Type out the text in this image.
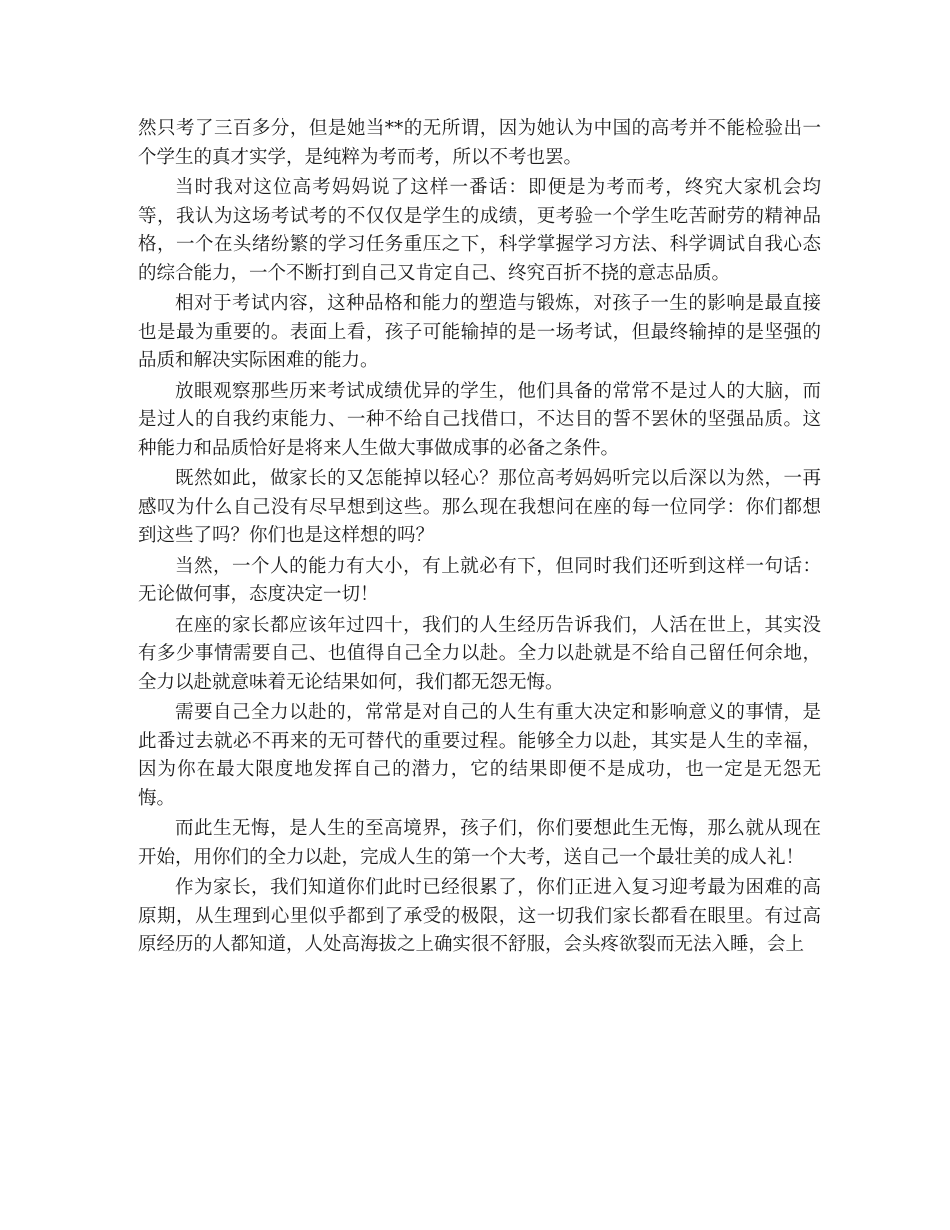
然只考了三百多分，但是她当**的无所谓，因为她认为中国的高考并不能检验出一个学生的真才实学，是纯粹为考而考，所以不考也罢。

当时我对这位高考妈妈说了这样一番话：即便是为考而考，终究大家机会均等，我认为这场考试考的不仅仅是学生的成绩，更考验一个学生吃苦耐劳的精神品格，一个在头绪纷繁的学习任务重压之下，科学掌握学习方法、科学调试自我心态的综合能力，一个不断打到自己又肯定自己、终究百折不挠的意志品质。

相对于考试内容，这种品格和能力的塑造与锻炼，对孩子一生的影响是最直接也是最为重要的。表面上看，孩子可能输掉的是一场考试，但最终输掉的是坚强的品质和解决实际困难的能力。

放眼观察那些历来考试成绩优异的学生，他们具备的常常不是过人的大脑，而是过人的自我约束能力、一种不给自己找借口，不达目的誓不罢休的坚强品质。这种能力和品质恰好是将来人生做大事做成事的必备之条件。

既然如此，做家长的又怎能掉以轻心？那位高考妈妈听完以后深以为然，一再感叹为什么自己没有尽早想到这些。那么现在我想问在座的每一位同学：你们都想到这些了吗？你们也是这样想的吗？

当然，一个人的能力有大小，有上就必有下，但同时我们还听到这样一句话：无论做何事，态度决定一切！

在座的家长都应该年过四十，我们的人生经历告诉我们，人活在世上，其实没有多少事情需要自己、也值得自己全力以赴。全力以赴就是不给自己留任何余地，全力以赴就意味着无论结果如何，我们都无怨无悔。

需要自己全力以赴的，常常是对自己的人生有重大决定和影响意义的事情，是此番过去就必不再来的无可替代的重要过程。能够全力以赴，其实是人生的幸福，因为你在最大限度地发挥自己的潜力，它的结果即便不是成功，也一定是无怨无悔。

而此生无悔，是人生的至高境界，孩子们，你们要想此生无悔，那么就从现在开始，用你们的全力以赴，完成人生的第一个大考，送自己一个最壮美的成人礼！

作为家长，我们知道你们此时已经很累了，你们正进入复习迎考最为困难的高原期，从生理到心里似乎都到了承受的极限，这一切我们家长都看在眼里。有过高原经历的人都知道，人处高海拔之上确实很不舒服，会头疼欲裂而无法入睡，会上
